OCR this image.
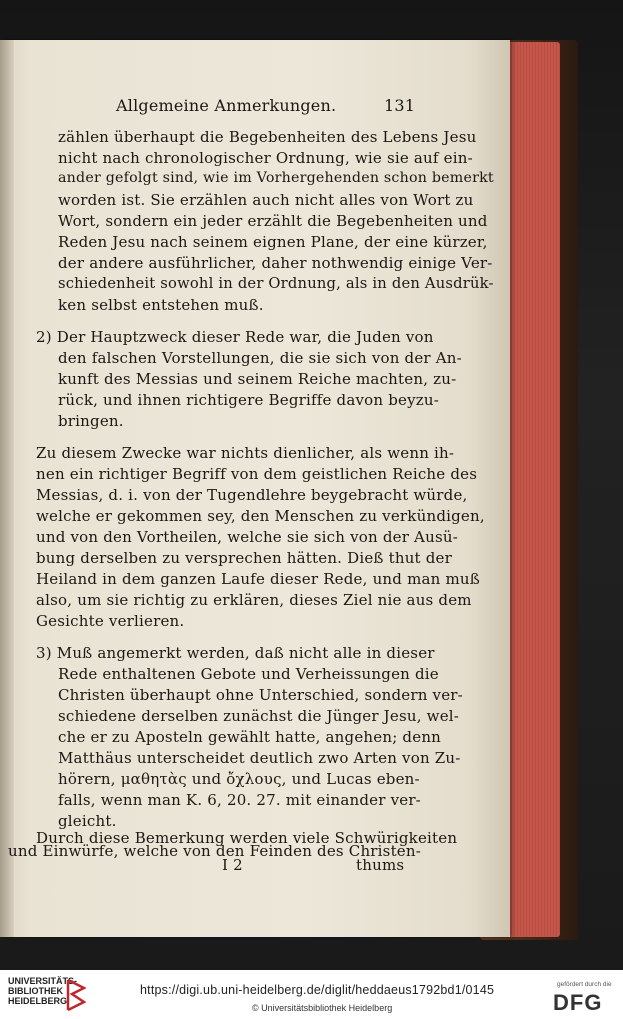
Allgemeine Anmerkungen.	131
zählen überhaupt die Begebenheiten des Lebens Jesu
nicht nach chronologischer Ordnung, wie sie auf ein-
ander gefolgt sind, wie im Vorhergehenden schon bemerkt
worden ist. Sie erzählen auch nicht alles von Wort zu
Wort, sondern ein jeder erzählt die Begebenheiten und
Reden Jesu nach seinem eignen Plane, der eine kürzer,
der andere ausführlicher, daher nothwendig einige Ver-
schiedenheit sowohl in der Ordnung, als in den Ausdrük-
ken selbst entstehen muß.
2) Der Hauptzweck dieser Rede war, die Juden von
den falschen Vorstellungen, die sie sich von der An-
kunft des Messias und seinem Reiche machten, zu-
rück, und ihnen richtigere Begriffe davon beyzu-
bringen.
Zu diesem Zwecke war nichts dienlicher, als wenn ih-
nen ein richtiger Begriff von dem geistlichen Reiche des
Messias, d. i. von der Tugendlehre beygebracht würde,
welche er gekommen sey, den Menschen zu verkündigen,
und von den Vortheilen, welche sie sich von der Ausü-
bung derselben zu versprechen hätten. Dieß thut der
Heiland in dem ganzen Laufe dieser Rede, und man muß
also, um sie richtig zu erklären, dieses Ziel nie aus dem
Gesichte verlieren.
3) Muß angemerkt werden, daß nicht alle in dieser
Rede enthaltenen Gebote und Verheissungen die
Christen überhaupt ohne Unterschied, sondern ver-
schiedene derselben zunächst die Jünger Jesu, wel-
che er zu Aposteln gewählt hatte, angehen; denn
Matthäus unterscheidet deutlich zwo Arten von Zu-
hörern, μαθητὰς und ὄχλους, und Lucas eben-
falls, wenn man K. 6, 20. 27. mit einander ver-
gleicht.
Durch diese Bemerkung werden viele Schwürigkeiten
und Einwürfe, welche von den Feinden des Christen-
I 2	thums
UNIVERSITÄTS-
BIBLIOTHEK
HEIDELBERG
https://digi.ub.uni-heidelberg.de/diglit/heddaeus1792bd1/0145
© Universitätsbibliothek Heidelberg
gefördert durch die
DFG
